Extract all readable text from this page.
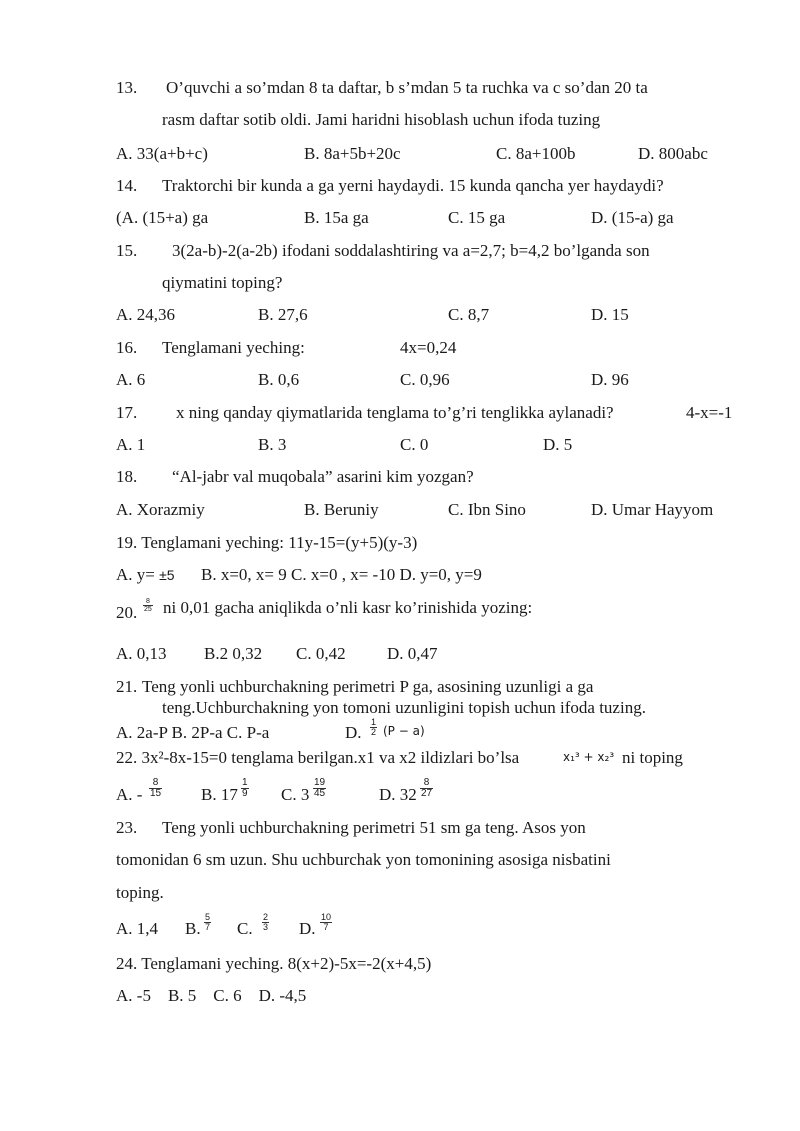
13. O’quvchi a so’mdan 8 ta daftar, b s’mdan 5 ta ruchka va c so’dan 20 ta
rasm daftar sotib oldi. Jami haridni hisoblash uchun ifoda tuzing
A. 33(a+b+c)	B. 8a+5b+20c	C. 8a+100b	D. 800abc
14. Traktorchi bir kunda a ga yerni haydaydi. 15 kunda qancha yer haydaydi?
(A. (15+a) ga	B. 15a ga	C. 15 ga	D. (15-a) ga
15. 3(2a-b)-2(a-2b) ifodani soddalashtiring va a=2,7; b=4,2 bo’lganda son
qiymatini toping?
A. 24,36	B. 27,6	C. 8,7	D. 15
16. Tenglamani yeching:	4x=0,24
A. 6	B. 0,6	C. 0,96	D. 96
17. x ning qanday qiymatlarida tenglama to’g’ri tenglikka aylanadi?	4-x=-1
A. 1	B. 3	C. 0	D. 5
18. “Al-jabr val muqobala” asarini kim yozgan?
A. Xorazmiy	B. Beruniy	C. Ibn Sino	D. Umar Hayyom
19. Tenglamani yeching: 11y-15=(y+5)(y-3)
A. y= ±5 B. x=0, x= 9 C. x=0 , x= -10 D. y=0, y=9
20. $\frac{8}{25}$ ni 0,01 gacha aniqlikda o’nli kasr ko’rinishida yozing:
A. 0,13 B.2 0,32 C. 0,42 D. 0,47
21. Teng yonli uchburchakning perimetri P ga, asosining uzunligi a ga
teng.Uchburchakning yon tomoni uzunligini topish uchun ifoda tuzing.
A. 2a-P B. 2P-a C. P-a	D. $\frac{1}{2} (P - a)$
22. 3x²-8x-15=0 tenglama berilgan.x1 va x2 ildizlari bo’lsa	x₁³ + x₂³ ni toping
A. - $\frac{8}{15} B$. $17 \frac{1}{9} C$. $3 \frac{19}{45}$	D. $32 \frac{8}{27}$
23. Teng yonli uchburchakning perimetri 51 sm ga teng. Asos yon
tomonidan 6 sm uzun. Shu uchburchak yon tomonining asosiga nisbatini
toping.
A. 1,4 B. $\frac{5}{7} C$. $\frac{2}{3} D$. $\frac{10}{7}$
24. Tenglamani yeching. 8(x+2)-5x=-2(x+4,5)
A. -5    B. 5    C. 6    D. -4,5
